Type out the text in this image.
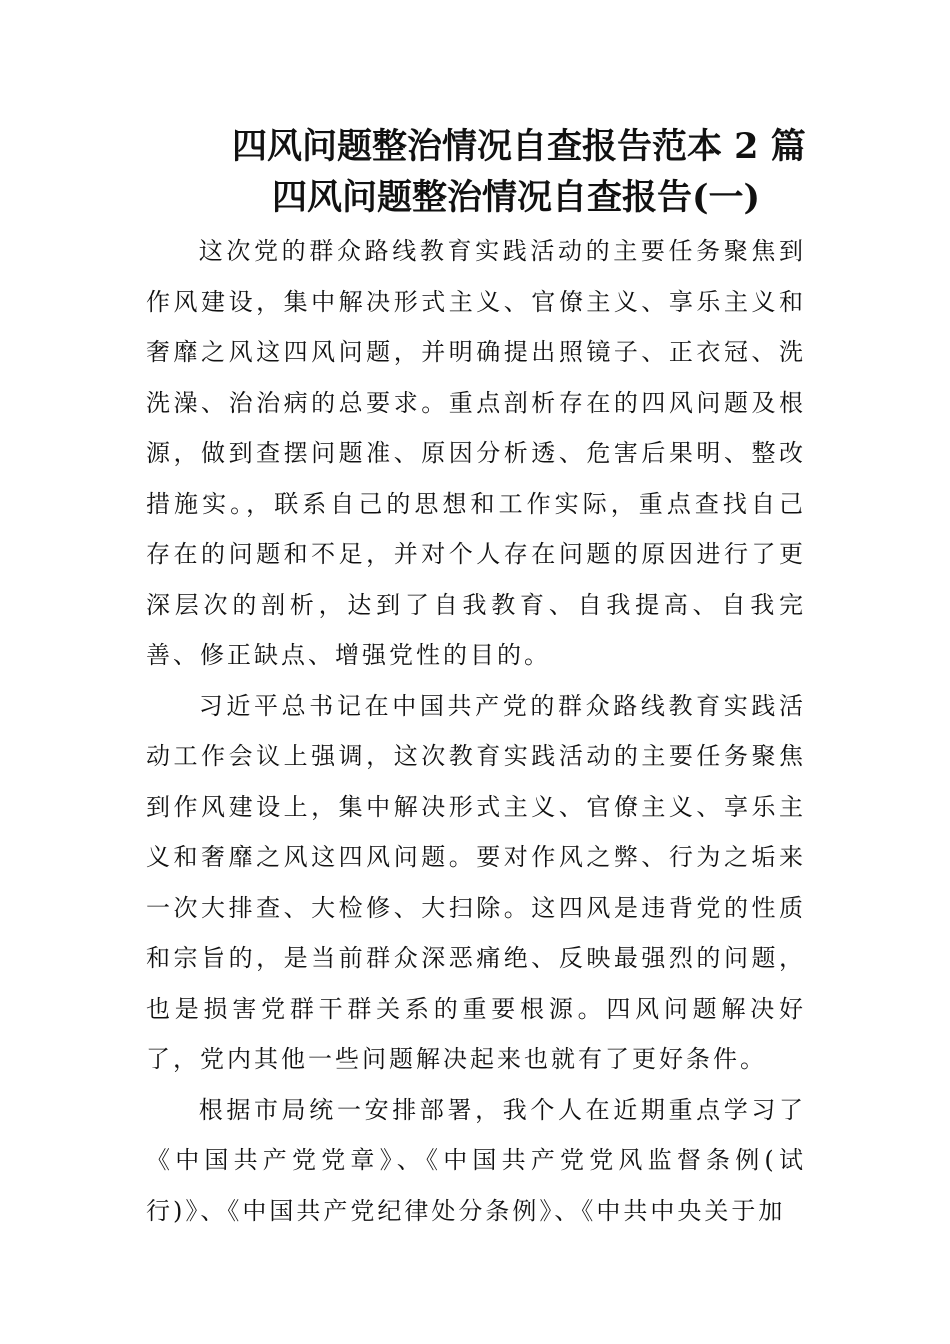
四风问题整治情况自查报告范本 2 篇
四风问题整治情况自查报告(一)

这次党的群众路线教育实践活动的主要任务聚焦到作风建设，集中解决形式主义、官僚主义、享乐主义和奢靡之风这四风问题，并明确提出照镜子、正衣冠、洗洗澡、治治病的总要求。重点剖析存在的四风问题及根源，做到查摆问题准、原因分析透、危害后果明、整改措施实。，联系自己的思想和工作实际，重点查找自己存在的问题和不足，并对个人存在问题的原因进行了更深层次的剖析，达到了自我教育、自我提高、自我完善、修正缺点、增强党性的目的。

习近平总书记在中国共产党的群众路线教育实践活动工作会议上强调，这次教育实践活动的主要任务聚焦到作风建设上，集中解决形式主义、官僚主义、享乐主义和奢靡之风这四风问题。要对作风之弊、行为之垢来一次大排查、大检修、大扫除。这四风是违背党的性质和宗旨的，是当前群众深恶痛绝、反映最强烈的问题，也是损害党群干群关系的重要根源。四风问题解决好了，党内其他一些问题解决起来也就有了更好条件。

根据市局统一安排部署，我个人在近期重点学习了《中国共产党党章》、《中国共产党党风监督条例(试行)》、《中国共产党纪律处分条例》、《中共中央关于加
